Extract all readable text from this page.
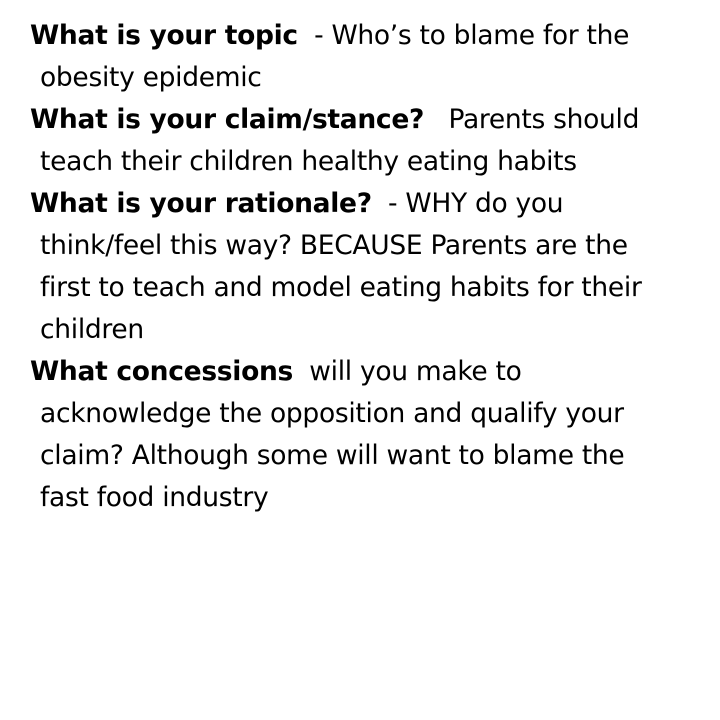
What is your topic - Who’s to blame for the
obesity epidemic
What is your claim/stance? Parents should
teach their children healthy eating habits
What is your rationale? - WHY do you
think/feel this way? BECAUSE Parents are the
first to teach and model eating habits for their
children
What concessions will you make to
acknowledge the opposition and qualify your
claim? Although some will want to blame the
fast food industry
